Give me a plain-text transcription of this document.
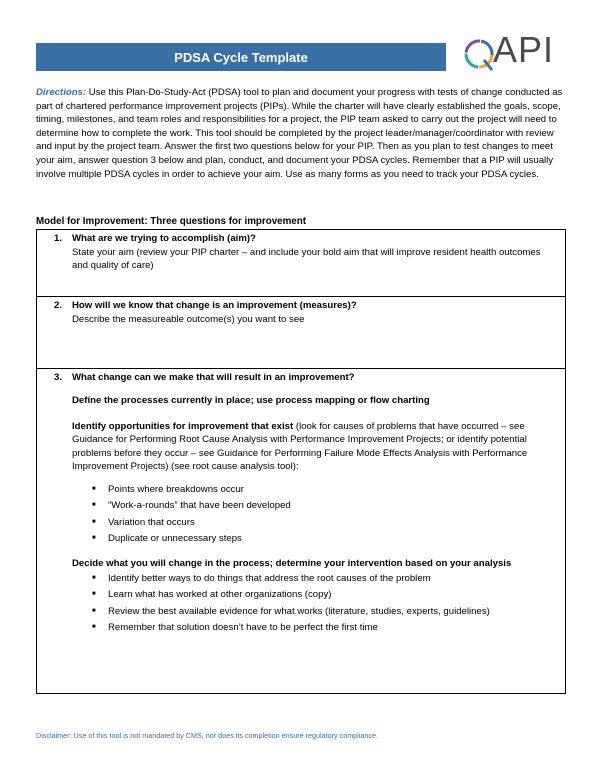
PDSA Cycle Template	API
Directions: Use this Plan-Do-Study-Act (PDSA) tool to plan and document your progress with tests of change conducted as part of chartered performance improvement projects (PIPs). While the charter will have clearly established the goals, scope, timing, milestones, and team roles and responsibilities for a project, the PIP team asked to carry out the project will need to determine how to complete the work. This tool should be completed by the project leader/manager/coordinator with review and input by the project team. Answer the first two questions below for your PIP. Then as you plan to test changes to meet your aim, answer question 3 below and plan, conduct, and document your PDSA cycles. Remember that a PIP will usually involve multiple PDSA cycles in order to achieve your aim. Use as many forms as you need to track your PDSA cycles.
Model for Improvement: Three questions for improvement
1. What are we trying to accomplish (aim)?
State your aim (review your PIP charter – and include your bold aim that will improve resident health outcomes and quality of care)
2. How will we know that change is an improvement (measures)?
Describe the measureable outcome(s) you want to see
3. What change can we make that will result in an improvement?
Define the processes currently in place; use process mapping or flow charting
Identify opportunities for improvement that exist (look for causes of problems that have occurred – see Guidance for Performing Root Cause Analysis with Performance Improvement Projects; or identify potential problems before they occur – see Guidance for Performing Failure Mode Effects Analysis with Performance Improvement Projects) (see root cause analysis tool):
■ Points where breakdowns occur
■ “Work-a-rounds” that have been developed
■ Variation that occurs
■ Duplicate or unnecessary steps
Decide what you will change in the process; determine your intervention based on your analysis
■ Identify better ways to do things that address the root causes of the problem
■ Learn what has worked at other organizations (copy)
■ Review the best available evidence for what works (literature, studies, experts, guidelines)
■ Remember that solution doesn’t have to be perfect the first time
Disclaimer: Use of this tool is not mandated by CMS, nor does its completion ensure regulatory compliance.
